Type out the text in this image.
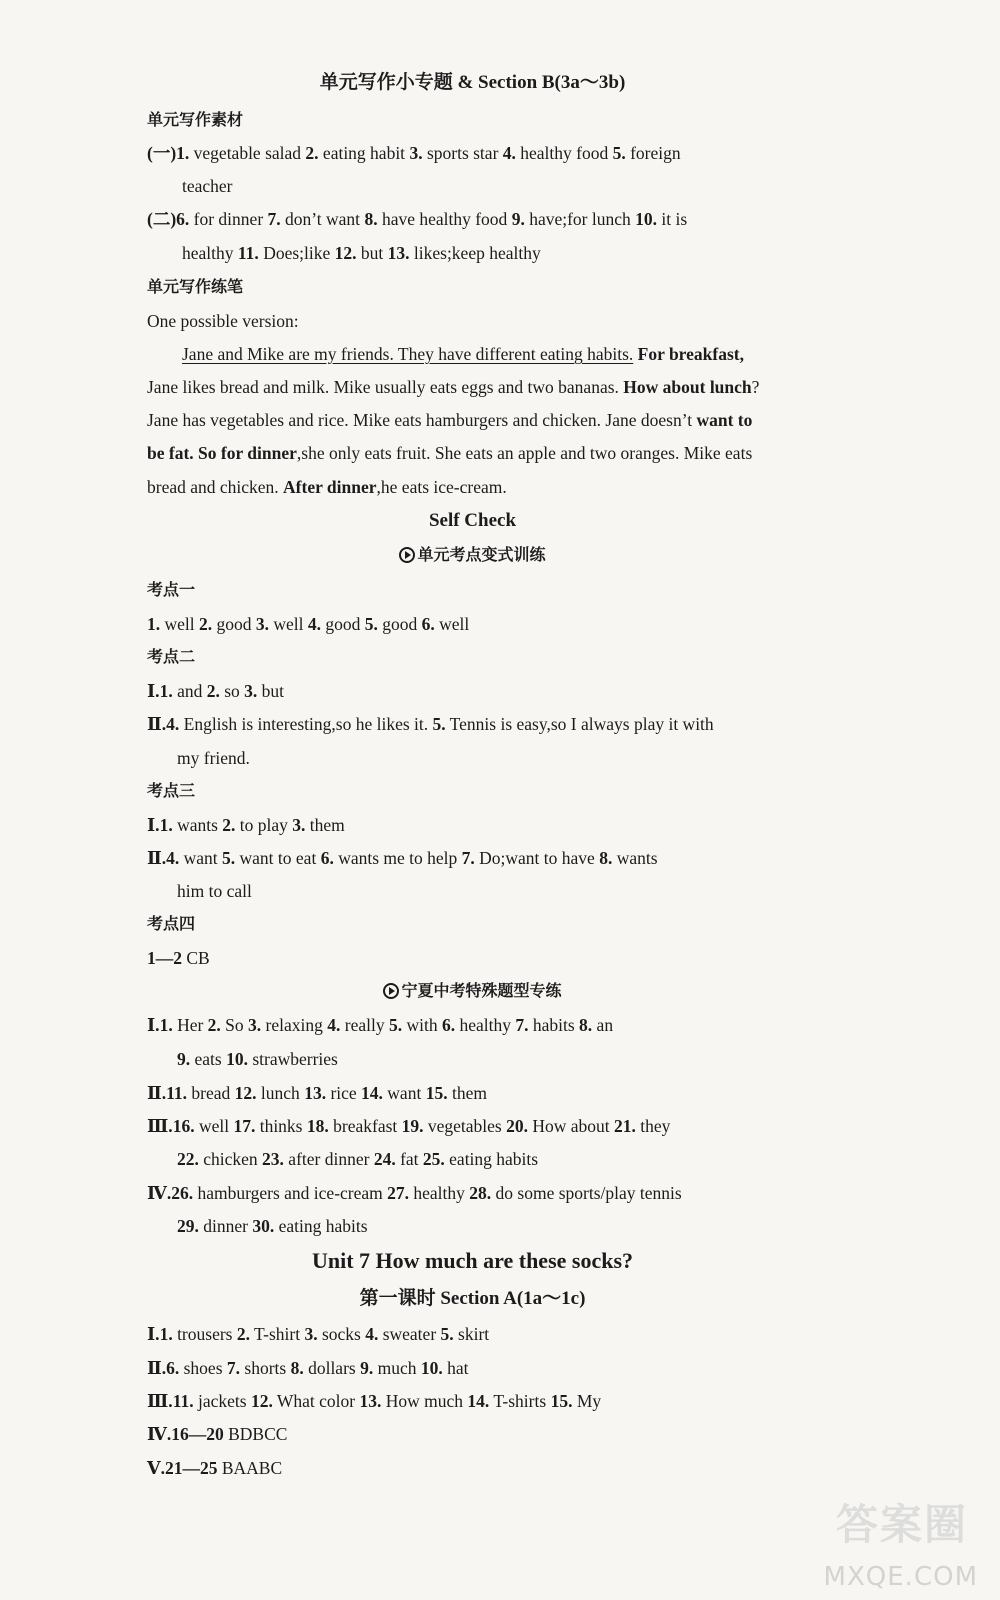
单元写作小专题 & Section B(3a～3b)
单元写作素材
(一)1. vegetable salad 2. eating habit 3. sports star 4. healthy food 5. foreign
teacher
(二)6. for dinner 7. don’t want 8. have healthy food 9. have;for lunch 10. it is
healthy 11. Does;like 12. but 13. likes;keep healthy
单元写作练笔
One possible version:
Jane and Mike are my friends. They have different eating habits. For breakfast,
Jane likes bread and milk. Mike usually eats eggs and two bananas. How about lunch?
Jane has vegetables and rice. Mike eats hamburgers and chicken. Jane doesn’t want to
be fat. So for dinner,she only eats fruit. She eats an apple and two oranges. Mike eats
bread and chicken. After dinner,he eats ice-cream.
Self Check
单元考点变式训练
考点一
1. well 2. good 3. well 4. good 5. good 6. well
考点二
Ⅰ.1. and 2. so 3. but
Ⅱ.4. English is interesting,so he likes it. 5. Tennis is easy,so I always play it with
my friend.
考点三
Ⅰ.1. wants 2. to play 3. them
Ⅱ.4. want 5. want to eat 6. wants me to help 7. Do;want to have 8. wants
him to call
考点四
1—2 CB
宁夏中考特殊题型专练
Ⅰ.1. Her 2. So 3. relaxing 4. really 5. with 6. healthy 7. habits 8. an
9. eats 10. strawberries
Ⅱ.11. bread 12. lunch 13. rice 14. want 15. them
Ⅲ.16. well 17. thinks 18. breakfast 19. vegetables 20. How about 21. they
22. chicken 23. after dinner 24. fat 25. eating habits
Ⅳ.26. hamburgers and ice-cream 27. healthy 28. do some sports/play tennis
29. dinner 30. eating habits
Unit 7 How much are these socks?
第一课时 Section A(1a～1c)
Ⅰ.1. trousers 2. T-shirt 3. socks 4. sweater 5. skirt
Ⅱ.6. shoes 7. shorts 8. dollars 9. much 10. hat
Ⅲ.11. jackets 12. What color 13. How much 14. T-shirts 15. My
Ⅳ.16—20 BDBCC
Ⅴ.21—25 BAABC
答案圈
MXQE.COM
